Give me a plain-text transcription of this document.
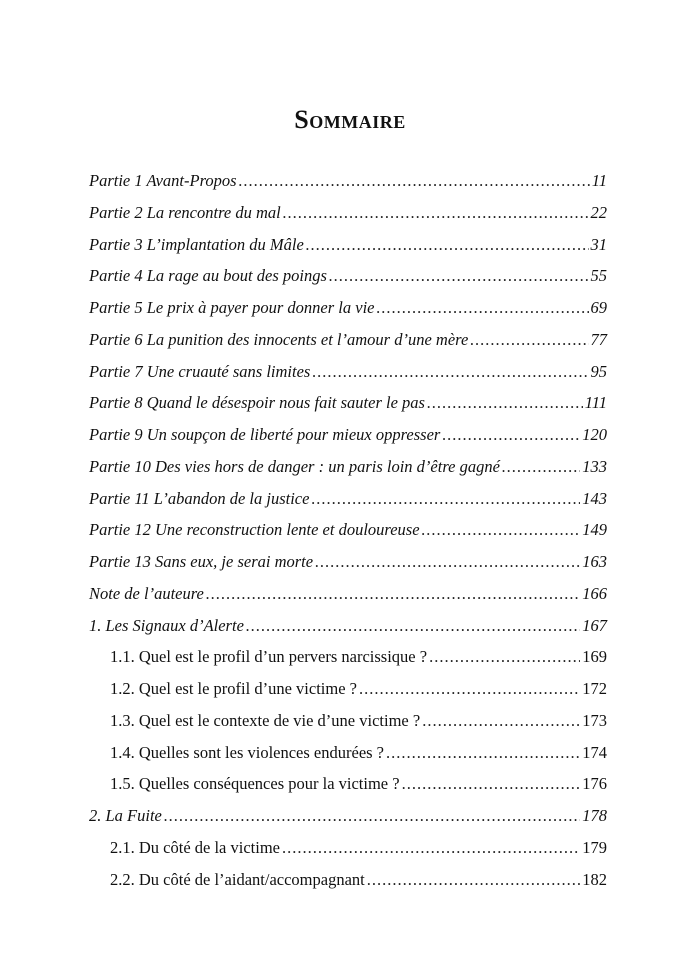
Sommaire
Partie 1 Avant-Propos .....	11
Partie 2 La rencontre du mal .....	22
Partie 3 L’implantation du Mâle .....	31
Partie 4 La rage au bout des poings .....	55
Partie 5 Le prix à payer pour donner la vie .....	69
Partie 6 La punition des innocents et l’amour d’une mère .....	77
Partie 7 Une cruauté sans limites .....	95
Partie 8 Quand le désespoir nous fait sauter le pas .....	111
Partie 9 Un soupçon de liberté pour mieux oppresser .....	120
Partie 10 Des vies hors de danger : un paris loin d’être gagné .....	133
Partie 11 L’abandon de la justice .....	143
Partie 12 Une reconstruction lente et douloureuse .....	149
Partie 13 Sans eux, je serai morte .....	163
Note de l’auteure .....	166
1. Les Signaux d’Alerte .....	167
1.1. Quel est le profil d’un pervers narcissique ? .....	169
1.2. Quel est le profil d’une victime ? .....	172
1.3. Quel est le contexte de vie d’une victime ? .....	173
1.4. Quelles sont les violences endurées ? .....	174
1.5. Quelles conséquences pour la victime ? .....	176
2. La Fuite .....	178
2.1. Du côté de la victime .....	179
2.2. Du côté de l’aidant/accompagnant .....	182
